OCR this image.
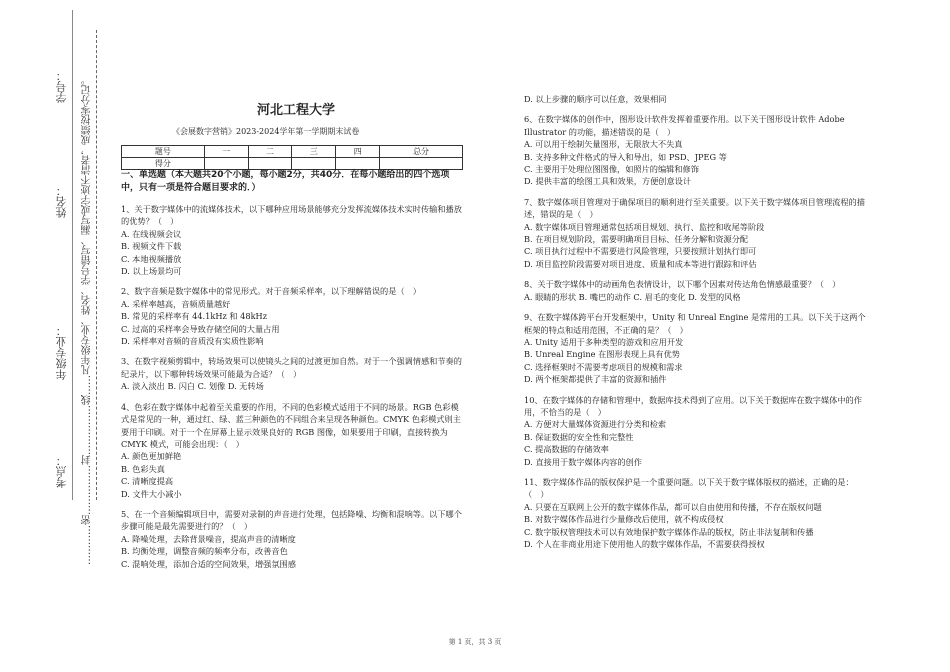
考点：
年级专业：
姓名：
学号： …………密……………封……………线……凡年级专业、姓名、学号错写、漏写或字迹不清者，成绩按零分记。	河北工程大学
《会展数字营销》2023-2024学年第一学期期末试卷
题号	一	二	三	四	总分
得分					

一、单选题（本大题共20个小题，每小题2分，共40分．在每小题给出的四个选项中，只有一项是符合题目要求的．）

1、关于数字媒体中的流媒体技术，以下哪种应用场景能够充分发挥流媒体技术实时传输和播放的优势？（　）

A. 在线视频会议

B. 视频文件下载

C. 本地视频播放

D. 以上场景均可

2、数字音频是数字媒体中的常见形式。对于音频采样率，以下理解错误的是（　）

A. 采样率越高，音频质量越好

B. 常见的采样率有 44.1kHz 和 48kHz

C. 过高的采样率会导致存储空间的大量占用

D. 采样率对音频的音质没有实质性影响

3、在数字视频剪辑中，转场效果可以使镜头之间的过渡更加自然。对于一个强调情感和节奏的纪录片，以下哪种转场效果可能最为合适？（　）

A. 淡入淡出 B. 闪白 C. 划像 D. 无转场

4、色彩在数字媒体中起着至关重要的作用，不同的色彩模式适用于不同的场景。RGB 色彩模式是常见的一种，通过红、绿、蓝三种颜色的不同组合来呈现各种颜色。CMYK 色彩模式则主要用于印刷。对于一个在屏幕上显示效果良好的 RGB 图像，如果要用于印刷，直接转换为 CMYK 模式，可能会出现：（　）

A. 颜色更加鲜艳

B. 色彩失真

C. 清晰度提高

D. 文件大小减小

5、在一个音频编辑项目中，需要对录制的声音进行处理，包括降噪、均衡和混响等。以下哪个步骤可能是最先需要进行的？（　）

A. 降噪处理，去除背景噪音，提高声音的清晰度

B. 均衡处理，调整音频的频率分布，改善音色

C. 混响处理，添加合适的空间效果，增强氛围感

D. 以上步骤的顺序可以任意，效果相同

6、在数字媒体的创作中，图形设计软件发挥着重要作用。以下关于图形设计软件 Adobe Illustrator 的功能，描述错误的是（　）

A. 可以用于绘制矢量图形，无限放大不失真

B. 支持多种文件格式的导入和导出，如 PSD、JPEG 等

C. 主要用于处理位图图像，如照片的编辑和修饰

D. 提供丰富的绘图工具和效果，方便创意设计

7、数字媒体项目管理对于确保项目的顺利进行至关重要。以下关于数字媒体项目管理流程的描述，错误的是（　）

A. 数字媒体项目管理通常包括项目规划、执行、监控和收尾等阶段

B. 在项目规划阶段，需要明确项目目标、任务分解和资源分配

C. 项目执行过程中不需要进行风险管理，只要按照计划执行即可

D. 项目监控阶段需要对项目进度、质量和成本等进行跟踪和评估

8、关于数字媒体中的动画角色表情设计，以下哪个因素对传达角色情感最重要？（　）

A. 眼睛的形状 B. 嘴巴的动作 C. 眉毛的变化 D. 发型的风格

9、在数字媒体跨平台开发框架中，Unity 和 Unreal Engine 是常用的工具。以下关于这两个框架的特点和适用范围，不正确的是？（　）

A. Unity 适用于多种类型的游戏和应用开发

B. Unreal Engine 在图形表现上具有优势

C. 选择框架时不需要考虑项目的规模和需求

D. 两个框架都提供了丰富的资源和插件

10、在数字媒体的存储和管理中，数据库技术得到了应用。以下关于数据库在数字媒体中的作用，不恰当的是（　）

A. 方便对大量媒体资源进行分类和检索

B. 保证数据的安全性和完整性

C. 提高数据的存储效率

D. 直接用于数字媒体内容的创作

11、数字媒体作品的版权保护是一个重要问题。以下关于数字媒体版权的描述，正确的是：（　）

A. 只要在互联网上公开的数字媒体作品，都可以自由使用和传播，不存在版权问题

B. 对数字媒体作品进行少量修改后使用，就不构成侵权

C. 数字版权管理技术可以有效地保护数字媒体作品的版权，防止非法复制和传播

D. 个人在非商业用途下使用他人的数字媒体作品，不需要获得授权

第 1 页，共 3 页
